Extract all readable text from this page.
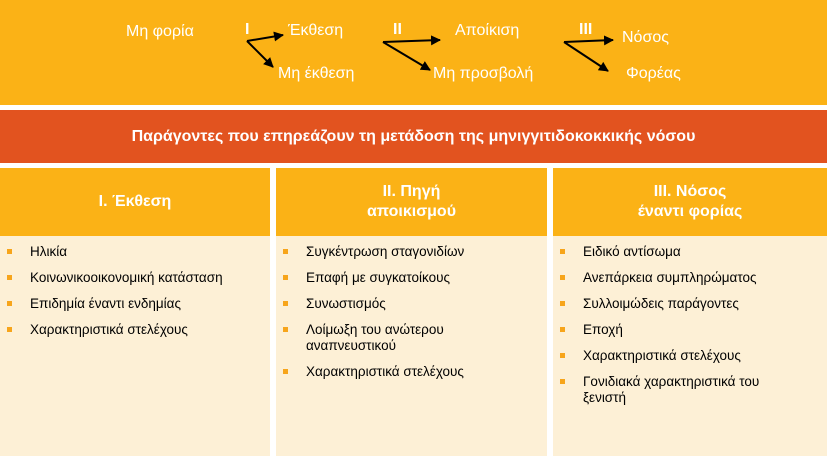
Μη φορία	Έκθεση
Μη έκθεση
Αποίκιση
Μη προσβολή
Νόσος
Φορέας
I	II	III
Παράγοντες που επηρεάζουν τη μετάδοση της μηνιγγιτιδοκοκκικής νόσου
I. Έκθεση
Ηλικία
Κοινωνικοοικονομική κατάσταση
Επιδημία έναντι ενδημίας
Χαρακτηριστικά στελέχους
II. Πηγή
αποικισμού
Συγκέντρωση σταγονιδίων
Επαφή με συγκατοίκους
Συνωστισμός
Λοίμωξη του ανώτερου
αναπνευστικού
Χαρακτηριστικά στελέχους
III. Νόσος
έναντι φορίας
Ειδικό αντίσωμα
Ανεπάρκεια συμπληρώματος
Συλλοιμώδεις παράγοντες
Εποχή
Χαρακτηριστικά στελέχους
Γονιδιακά χαρακτηριστικά του
ξενιστή
